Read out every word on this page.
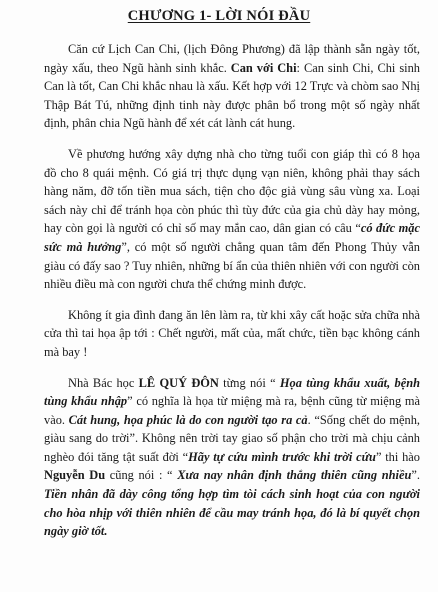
CHƯƠNG 1- LỜI NÓI ĐẦU

Căn cứ Lịch Can Chi, (lịch Đông Phương) đã lập thành sẵn ngày tốt, ngày xấu, theo Ngũ hành sinh khắc. Can với Chi: Can sinh Chi, Chi sinh Can là tốt, Can Chi khắc nhau là xấu. Kết hợp với 12 Trực và chòm sao Nhị Thập Bát Tú, những định tinh này được phân bổ trong một số ngày nhất định, phân chia Ngũ hành để xét cát lành cát hung.

Về phương hướng xây dựng nhà cho từng tuổi con giáp thì có 8 họa đồ cho 8 quái mệnh. Có giá trị thực dụng vạn niên, không phải thay sách hàng năm, đỡ tốn tiền mua sách, tiện cho độc giả vùng sâu vùng xa. Loại sách này chỉ để tránh họa còn phúc thì tùy đức của gia chủ dày hay mỏng, hay còn gọi là người có chỉ số may mắn cao, dân gian có câu “có đức mặc sức mà hưởng”, có một số người chẳng quan tâm đến Phong Thủy vẫn giàu có đấy sao ? Tuy nhiên, những bí ẩn của thiên nhiên với con người còn nhiều điều mà con người chưa thể chứng minh được.

Không ít gia đình đang ăn lên làm ra, từ khi xây cất hoặc sửa chữa nhà cửa thì tai họa ập tới : Chết người, mất của, mất chức, tiền bạc không cánh mà bay !

Nhà Bác học LÊ QUÝ ĐÔN từng nói “ Họa tùng khẩu xuất, bệnh tùng khẩu nhập” có nghĩa là họa từ miệng mà ra, bệnh cũng từ miệng mà vào. Cát hung, họa phúc là do con người tạo ra cả. “Sống chết do mệnh, giàu sang do trời”. Không nên trời tay giao số phận cho trời mà chịu cảnh nghèo đói tăng tật suất đời “Hãy tự cứu mình trước khi trời cứu” thi hào Nguyễn Du cũng nói : “ Xưa nay nhân định thắng thiên cũng nhiều”. Tiền nhân đã dày công tổng hợp tìm tòi cách sinh hoạt của con người cho hòa nhịp với thiên nhiên để cầu may tránh họa, đó là bí quyết chọn ngày giờ tốt.
